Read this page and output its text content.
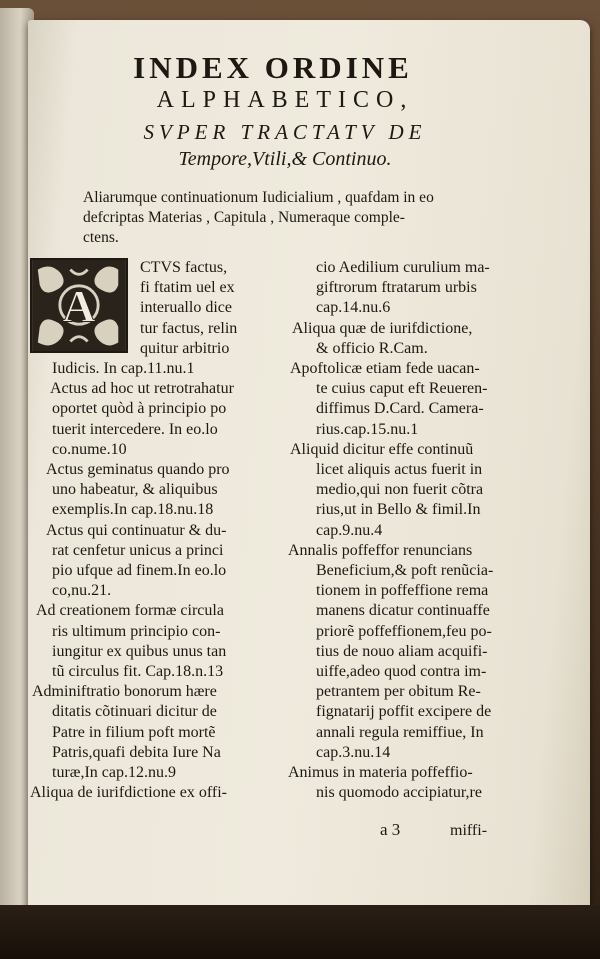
INDEX ORDINE
ALPHABETICO,
SVPER TRACTATV DE
Tempore,Vtili,& Continuo.
Aliarumque continuationum Iudicialium , quafdam in eo
defcriptas Materias , Capitula , Numeraque comple-
ctens.
A
CTVS factus,
fi ftatim uel ex
interuallo dice
tur factus, relin
quitur arbitrio
Iudicis. In cap.11.nu.1
Actus ad hoc ut retrotrahatur
oportet quòd à principio po
tuerit intercedere. In eo.lo
co.nume.10
Actus geminatus quando pro
uno habeatur, & aliquibus
exemplis.In cap.18.nu.18
Actus qui continuatur & du-
rat cenfetur unicus a princi
pio ufque ad finem.In eo.lo
co,nu.21.
Ad creationem formæ circula
ris ultimum principio con-
iungitur ex quibus unus tan
tũ circulus fit. Cap.18.n.13
Adminiftratio bonorum hære
ditatis cõtinuari dicitur de
Patre in filium poft mortẽ
Patris,quafi debita Iure Na
turæ,In cap.12.nu.9
Aliqua de iurifdictione ex offi-
cio Aedilium curulium ma-
giftrorum ftratarum urbis
cap.14.nu.6
Aliqua quæ de iurifdictione,
& officio R.Cam.
Apoftolicæ etiam fede uacan-
te cuius caput eft Reueren-
diffimus D.Card. Camera-
rius.cap.15.nu.1
Aliquid dicitur effe continuũ
licet aliquis actus fuerit in
medio,qui non fuerit cõtra
rius,ut in Bello & fimil.In
cap.9.nu.4
Annalis poffeffor renuncians
Beneficium,& poft renũcia-
tionem in poffeffione rema
manens dicatur continuaffe
priorẽ poffeffionem,feu po-
tius de nouo aliam acquifi-
uiffe,adeo quod contra im-
petrantem per obitum Re-
fignatarij poffit excipere de
annali regula remiffiue, In
cap.3.nu.14
Animus in materia poffeffio-
nis quomodo accipiatur,re
a 3	miffi-
